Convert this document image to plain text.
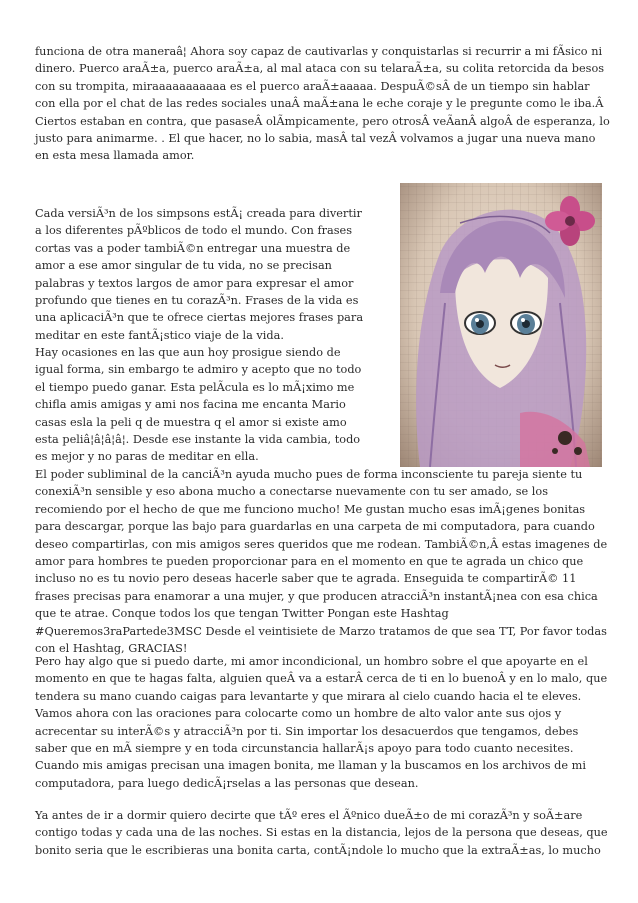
funciona de otra maneraâ¦ Ahora soy capaz de cautivarlas y conquistarlas si recurrir a mi fÃsico ni dinero. Puerco araÃ±a, puerco araÃ±a, al mal ataca con su telaraÃ±a, su colita retorcida da besos con su trompita, miraaaaaaaaaaa es el puerco araÃ±aaaaa. DespuÃ©sÂ de un tiempo sin hablar con ella por el chat de las redes sociales unaÂ maÃ±ana le eche coraje y le pregunte como le iba.Â Ciertos estaban en contra, que pasaseÂ olÃmpicamente, pero otrosÂ veÃanÂ algoÂ de esperanza, lo justo para animarme. . El que hacer, no lo sabia, masÂ tal vezÂ volvamos a jugar una nueva mano en esta mesa llamada amor.

Cada versiÃ³n de los simpsons estÃ¡ creada para divertir a los diferentes pÃºblicos de todo el mundo. Con frases cortas vas a poder tambiÃ©n entregar una muestra de amor a ese amor singular de tu vida, no se precisan palabras y textos largos de amor para expresar el amor profundo que tienes en tu corazÃ³n. Frases de la vida es una aplicaciÃ³n que te ofrece ciertas mejores frases para meditar en este fantÃ¡stico viaje de la vida.

Hay ocasiones en las que aun hoy prosigue siendo de igual forma, sin embargo te admiro y acepto que no todo el tiempo puedo ganar. Esta pelÃcula es lo mÃ¡ximo me chifla amis amigas y ami nos facina me encanta Mario casas esla la peli q de muestra q el amor si existe amo esta peliâ¦â¦â¦â¦. Desde ese instante la vida cambia, todo es mejor y no paras de meditar en ella.

El poder subliminal de la canciÃ³n ayuda mucho pues de forma inconsciente tu pareja siente tu conexiÃ³n sensible y eso abona mucho a conectarse nuevamente con tu ser amado, se los recomiendo por el hecho de que me funciono mucho! Me gustan mucho esas imÃ¡genes bonitas para descargar, porque las bajo para guardarlas en una carpeta de mi computadora, para cuando deseo compartirlas, con mis amigos seres queridos que me rodean. TambiÃ©n,Â estas imagenes de amor para hombres te pueden proporcionar para en el momento en que te agrada un chico que incluso no es tu novio pero deseas hacerle saber que te agrada. Enseguida te compartirÃ© 11 frases precisas para enamorar a una mujer, y que producen atracciÃ³n instantÃ¡nea con esa chica que te atrae. Conque todos los que tengan Twitter Pongan este Hashtag #Queremos3raPartede3MSC Desde el veintisiete de Marzo tratamos de que sea TT, Por favor todas con el Hashtag, GRACIAS!

Pero hay algo que si puedo darte, mi amor incondicional, un hombro sobre el que apoyarte en el momento en que te hagas falta, alguien queÂ va a estarÂ cerca de ti en lo buenoÂ y en lo malo, que tendera su mano cuando caigas para levantarte y que mirara al cielo cuando hacia el te eleves. Vamos ahora con las oraciones para colocarte como un hombre de alto valor ante sus ojos y acrecentar su interÃ©s y atracciÃ³n por ti. Sin importar los desacuerdos que tengamos, debes saber que en mÃ siempre y en toda circunstancia hallarÃ¡s apoyo para todo cuanto necesites. Cuando mis amigas precisan una imagen bonita, me llaman y la buscamos en los archivos de mi computadora, para luego dedicÃ¡rselas a las personas que desean.

Ya antes de ir a dormir quiero decirte que tÃº eres el Ãºnico dueÃ±o de mi corazÃ³n y soÃ±are contigo todas y cada una de las noches. Si estas en la distancia, lejos de la persona que deseas, que bonito seria que le escribieras una bonita carta, contÃ¡ndole lo mucho que la extraÃ±as, lo mucho
